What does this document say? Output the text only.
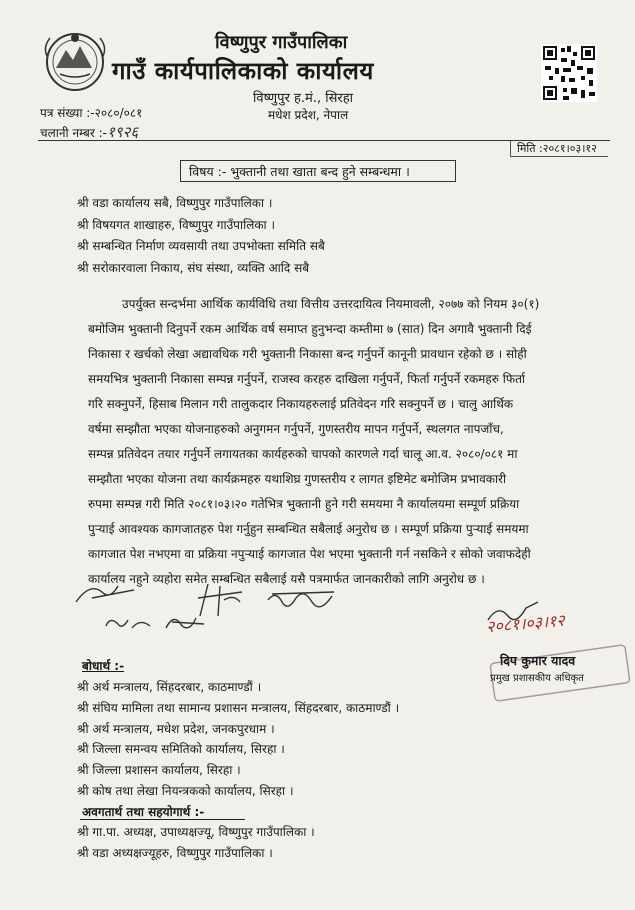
विष्णुपुर गाउँपालिका
गाउँ कार्यपालिकाको कार्यालय
विष्णुपुर ह.मं., सिरहा
मधेश प्रदेश, नेपाल
पत्र संख्या :-२०८०/०८१
चलानी नम्बर :-१९२६
मिति :२०८१।०३।१२
विषय :- भुक्तानी तथा खाता बन्द हुने सम्बन्धमा ।
श्री वडा कार्यालय सबै, विष्णुपुर गाउँपालिका ।
श्री विषयगत शाखाहरु, विष्णुपुर गाउँपालिका ।
श्री सम्बन्धित निर्माण व्यवसायी तथा उपभोक्ता समिति सबै
श्री सरोकारवाला निकाय, संघ संस्था, व्यक्ति आदि सबै
उपर्युक्त सन्दर्भमा आर्थिक कार्यविधि तथा वित्तीय उत्तरदायित्व नियमावली, २०७७ को नियम ३०(१)
बमोजिम भुक्तानी दिनुपर्ने रकम आर्थिक वर्ष समाप्त हुनुभन्दा कम्तीमा ७ (सात) दिन अगावै भुक्तानी दिई
निकासा र खर्चको लेखा अद्यावधिक गरी भुक्तानी निकासा बन्द गर्नुपर्ने कानूनी प्रावधान रहेको छ । सोही
समयभित्र भुक्तानी निकासा सम्पन्न गर्नुपर्ने, राजस्व करहरु दाखिला गर्नुपर्ने, फिर्ता गर्नुपर्ने रकमहरु फिर्ता
गरि सक्नुपर्ने, हिसाब मिलान गरी तालुकदार निकायहरुलाई प्रतिवेदन गरि सक्नुपर्ने छ । चालु आर्थिक
वर्षमा सम्झौता भएका योजनाहरुको अनुगमन गर्नुपर्ने, गुणस्तरीय मापन गर्नुपर्ने, स्थलगत नापजाँच,
सम्पन्न प्रतिवेदन तयार गर्नुपर्ने लगायतका कार्यहरुको चापको कारणले गर्दा चालू आ.व. २०८०/०८१ मा
सम्झौता भएका योजना तथा कार्यक्रमहरु यथाशिघ्र गुणस्तरीय र लागत इष्टिमेट बमोजिम प्रभावकारी
रुपमा सम्पन्न गरी मिति २०८१।०३।२० गतेभित्र भुक्तानी हुने गरी समयमा नै कार्यालयमा सम्पूर्ण प्रक्रिया
पुऱ्याई आवश्यक कागजातहरु पेश गर्नुहुन सम्बन्धित सबैलाई अनुरोध छ । सम्पूर्ण प्रक्रिया पुऱ्याई समयमा
कागजात पेश नभएमा वा प्रक्रिया नपुऱ्याई कागजात पेश भएमा भुक्तानी गर्न नसकिने र सोको जवाफदेही
कार्यालय नहुने व्यहोरा समेत सम्बन्धित सबैलाई यसै पत्रमार्फत जानकारीको लागि अनुरोध छ ।
२०८१।०३।१२
दिप कुमार यादव
प्रमुख प्रशासकीय अधिकृत
बोधार्थ :-
श्री अर्थ मन्त्रालय, सिंहदरबार, काठमाण्डौं ।
श्री संघिय मामिला तथा सामान्य प्रशासन मन्त्रालय, सिंहदरबार, काठमाण्डौं ।
श्री अर्थ मन्त्रालय, मधेश प्रदेश, जनकपुरधाम ।
श्री जिल्ला समन्वय समितिको कार्यालय, सिरहा ।
श्री जिल्ला प्रशासन कार्यालय, सिरहा ।
श्री कोष तथा लेखा नियन्त्रकको कार्यालय, सिरहा ।
अवगतार्थ तथा सहयोगार्थ :-
श्री गा.पा. अध्यक्ष, उपाध्यक्षज्यू, विष्णुपुर गाउँपालिका ।
श्री वडा अध्यक्षज्यूहरु, विष्णुपुर गाउँपालिका ।
